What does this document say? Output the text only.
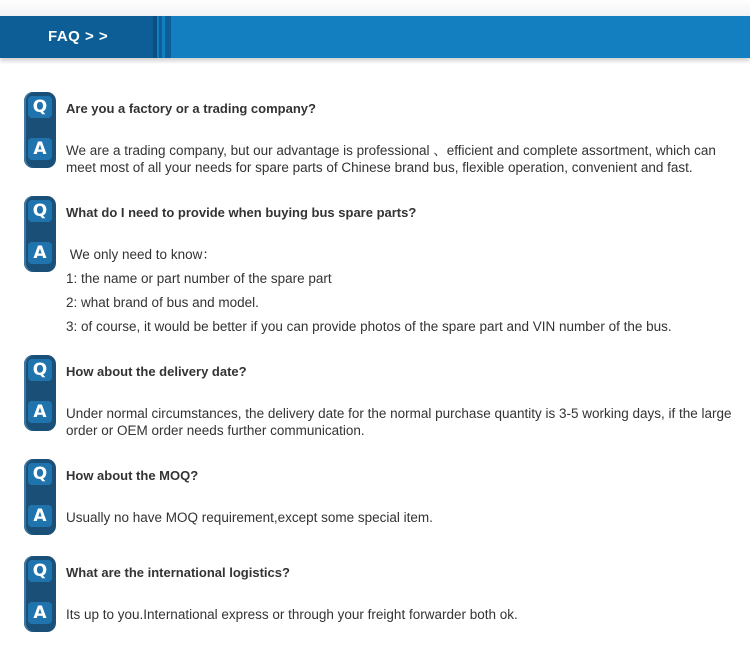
FAQ > >
Q
A
Are you a factory or a trading company?
We are a trading company, but our advantage is professional 、efficient and complete assortment, which can meet most of all your needs for spare parts of Chinese brand bus, flexible operation, convenient and fast.
Q
A
What do I need to provide when buying bus spare parts?
We only need to know：
1: the name or part number of the spare part
2: what brand of bus and model.
3: of course, it would be better if you can provide photos of the spare part and VIN number of the bus.
Q
A
How about the delivery date?
Under normal circumstances, the delivery date for the normal purchase quantity is 3-5 working days, if the large order or OEM order needs further communication.
Q
A
How about the MOQ?
Usually no have MOQ requirement,except some special item.
Q
A
What are the international logistics?
Its up to you.International express or through your freight forwarder both ok.
